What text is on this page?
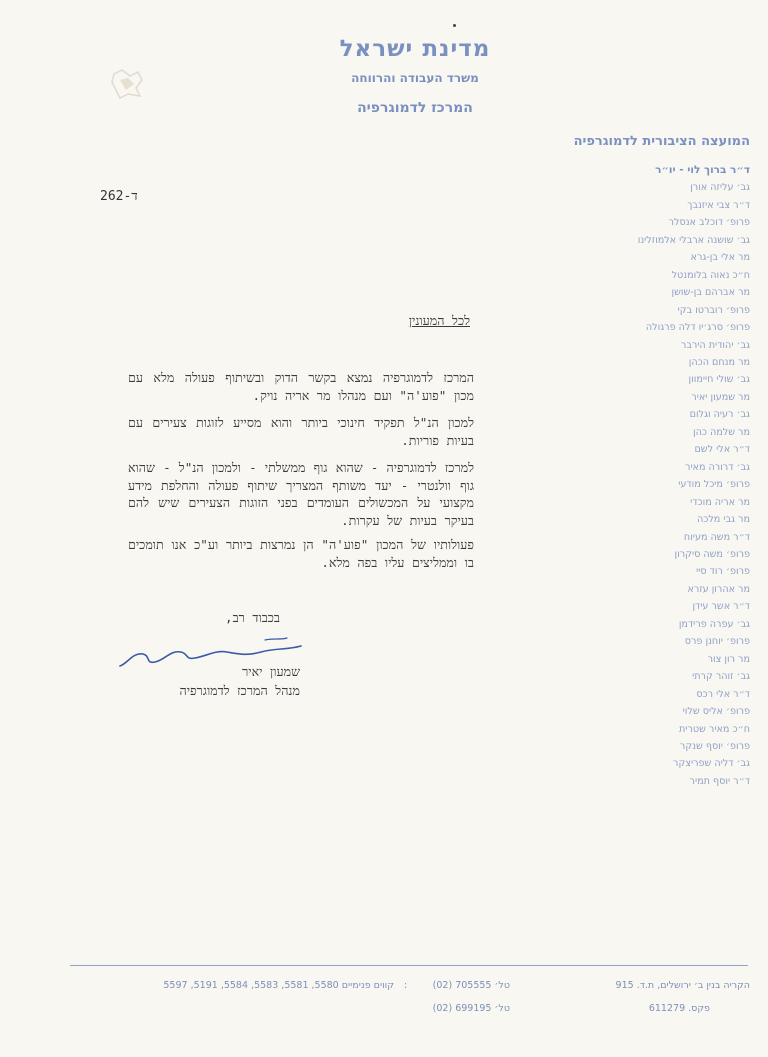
מדינת ישראל
משרד העבודה והרווחה
המרכז לדמוגרפיה
המועצה הציבורית לדמוגרפיה
ד״ר ברוך לוי - יו״ר
גב׳ עליזה אורן
ד״ר צבי איזנבך
פרופ׳ דוכלב אנסלר
גב׳ שושנה ארבלי אלמוזלינו
מר אלי בן-גרא
ח״כ נאוה בלומנטל
מר אברהם בן-שושן
פרופ׳ רוברטו בקי
פרופ׳ סרג׳יו דלה פרגולה
גב׳ יהודית הירבר
מר מנחם הכהן
גב׳ שולי חיימוון
מר שמעון יאיר
גב׳ רעיה וגלום
מר שלמה כהן
ד״ר אלי לשם
גב׳ דרורה מאיר
פרופ׳ מיכל מודעי
מר אריה מוכדי
מר גבי מלכה
ד״ר משה מעיוח
פרופ׳ משה סיקרון
פרופ׳ רוד סיי
מר אהרון עזרא
ד״ר אשר עידן
גב׳ עפרה פרידמן
פרופ׳ יוחנן פרס
מר רון צור
גב׳ זוהר קרתי
ד״ר אלי רכס
פרופ׳ אליס שלוי
ח״כ מאיר שטרית
פרופ׳ יוסף שנקר
גב׳ דליה שפריצקר
ד״ר יוסף תמיר
262-ד
לכל המעונין

המרכז לדמוגרפיה נמצא בקשר הדוק ובשיתוף פעולה מלא עם מכון "פוע'ה" ועם מנהלו מר אריה נויק.

למכון הנ"ל תפקיד חינוכי ביותר והוא מסייע לזוגות צעירים עם בעיות פוריות.

למרכז לדמוגרפיה - שהוא גוף ממשלתי - ולמכון הנ"ל - שהוא גוף וולנטרי - יעד משותף המצריך שיתוף פעולה והחלפת מידע מקצועי על המכשולים העומדים בפני הזוגות הצעירים שיש להם בעיקר בעיות של עקרות.

פעולותיו של המכון "פוע'ה" הן נמרצות ביותר וע"כ אנו תומכים בו וממליצים עליו בפה מלא.

בכבוד רב,
שמעון יאיר
מנהל המרכז לדמוגרפיה
הקריה בנין ב׳ ירושלים, ת.ד. 915
טל׳ 705555 (02)
:
קווים פנימיים 5580, 5581, 5583, 5584, 5191, 5597
פקס. 611279
טל׳ 699195 (02)
